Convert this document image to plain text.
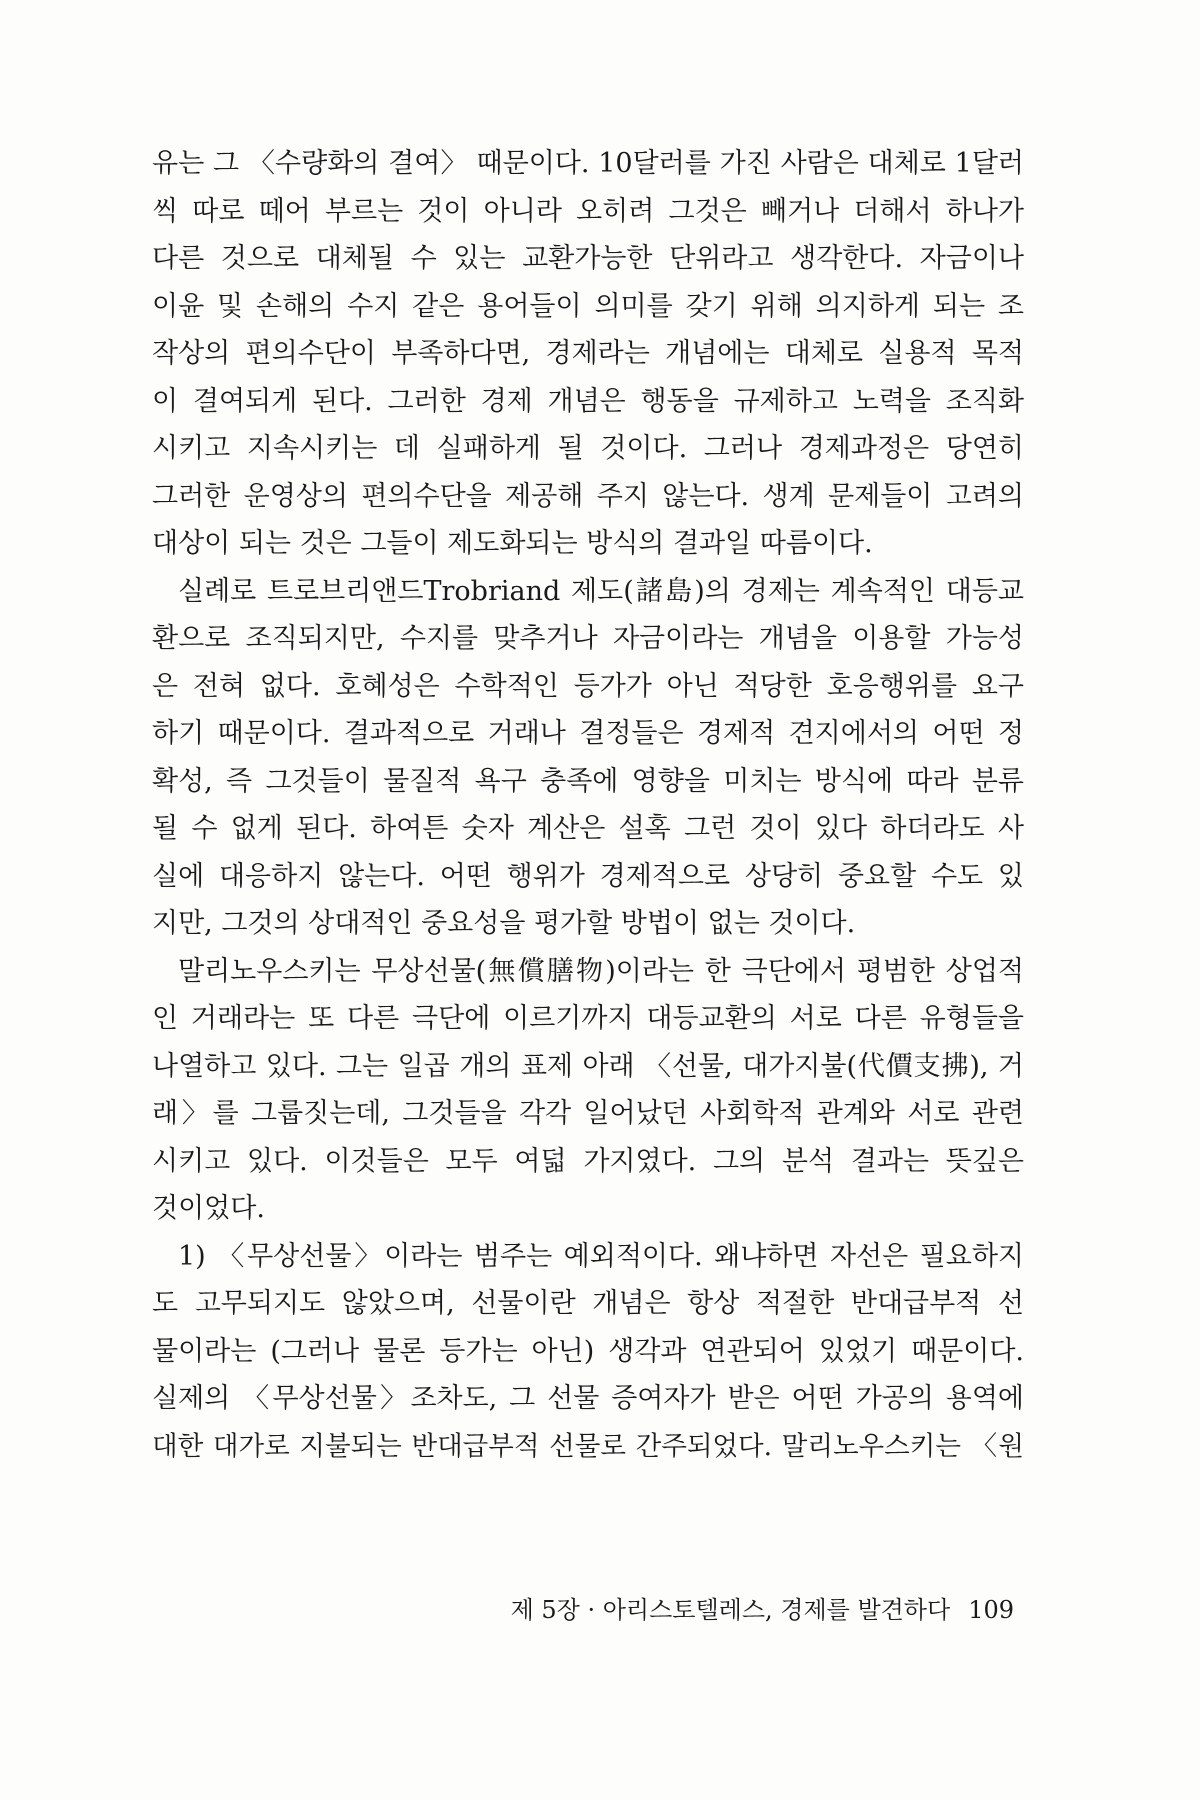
유는 그 〈수량화의 결여〉 때문이다. 10달러를 가진 사람은 대체로 1달러
씩 따로 떼어 부르는 것이 아니라 오히려 그것은 빼거나 더해서 하나가
다른 것으로 대체될 수 있는 교환가능한 단위라고 생각한다. 자금이나
이윤 및 손해의 수지 같은 용어들이 의미를 갖기 위해 의지하게 되는 조
작상의 편의수단이 부족하다면, 경제라는 개념에는 대체로 실용적 목적
이 결여되게 된다. 그러한 경제 개념은 행동을 규제하고 노력을 조직화
시키고 지속시키는 데 실패하게 될 것이다. 그러나 경제과정은 당연히
그러한 운영상의 편의수단을 제공해 주지 않는다. 생계 문제들이 고려의
대상이 되는 것은 그들이 제도화되는 방식의 결과일 따름이다.
실례로 트로브리앤드Trobriand 제도(諸島)의 경제는 계속적인 대등교
환으로 조직되지만, 수지를 맞추거나 자금이라는 개념을 이용할 가능성
은 전혀 없다. 호혜성은 수학적인 등가가 아닌 적당한 호응행위를 요구
하기 때문이다. 결과적으로 거래나 결정들은 경제적 견지에서의 어떤 정
확성, 즉 그것들이 물질적 욕구 충족에 영향을 미치는 방식에 따라 분류
될 수 없게 된다. 하여튼 숫자 계산은 설혹 그런 것이 있다 하더라도 사
실에 대응하지 않는다. 어떤 행위가 경제적으로 상당히 중요할 수도 있
지만, 그것의 상대적인 중요성을 평가할 방법이 없는 것이다.
말리노우스키는 무상선물(無償膳物)이라는 한 극단에서 평범한 상업적
인 거래라는 또 다른 극단에 이르기까지 대등교환의 서로 다른 유형들을
나열하고 있다. 그는 일곱 개의 표제 아래 〈선물, 대가지불(代價支拂), 거
래〉를 그룹짓는데, 그것들을 각각 일어났던 사회학적 관계와 서로 관련
시키고 있다. 이것들은 모두 여덟 가지였다. 그의 분석 결과는 뜻깊은
것이었다.
1) 〈무상선물〉이라는 범주는 예외적이다. 왜냐하면 자선은 필요하지
도 고무되지도 않았으며, 선물이란 개념은 항상 적절한 반대급부적 선
물이라는 (그러나 물론 등가는 아닌) 생각과 연관되어 있었기 때문이다.
실제의 〈무상선물〉조차도, 그 선물 증여자가 받은 어떤 가공의 용역에
대한 대가로 지불되는 반대급부적 선물로 간주되었다. 말리노우스키는 〈원
제 5장 · 아리스토텔레스, 경제를 발견하다 109
